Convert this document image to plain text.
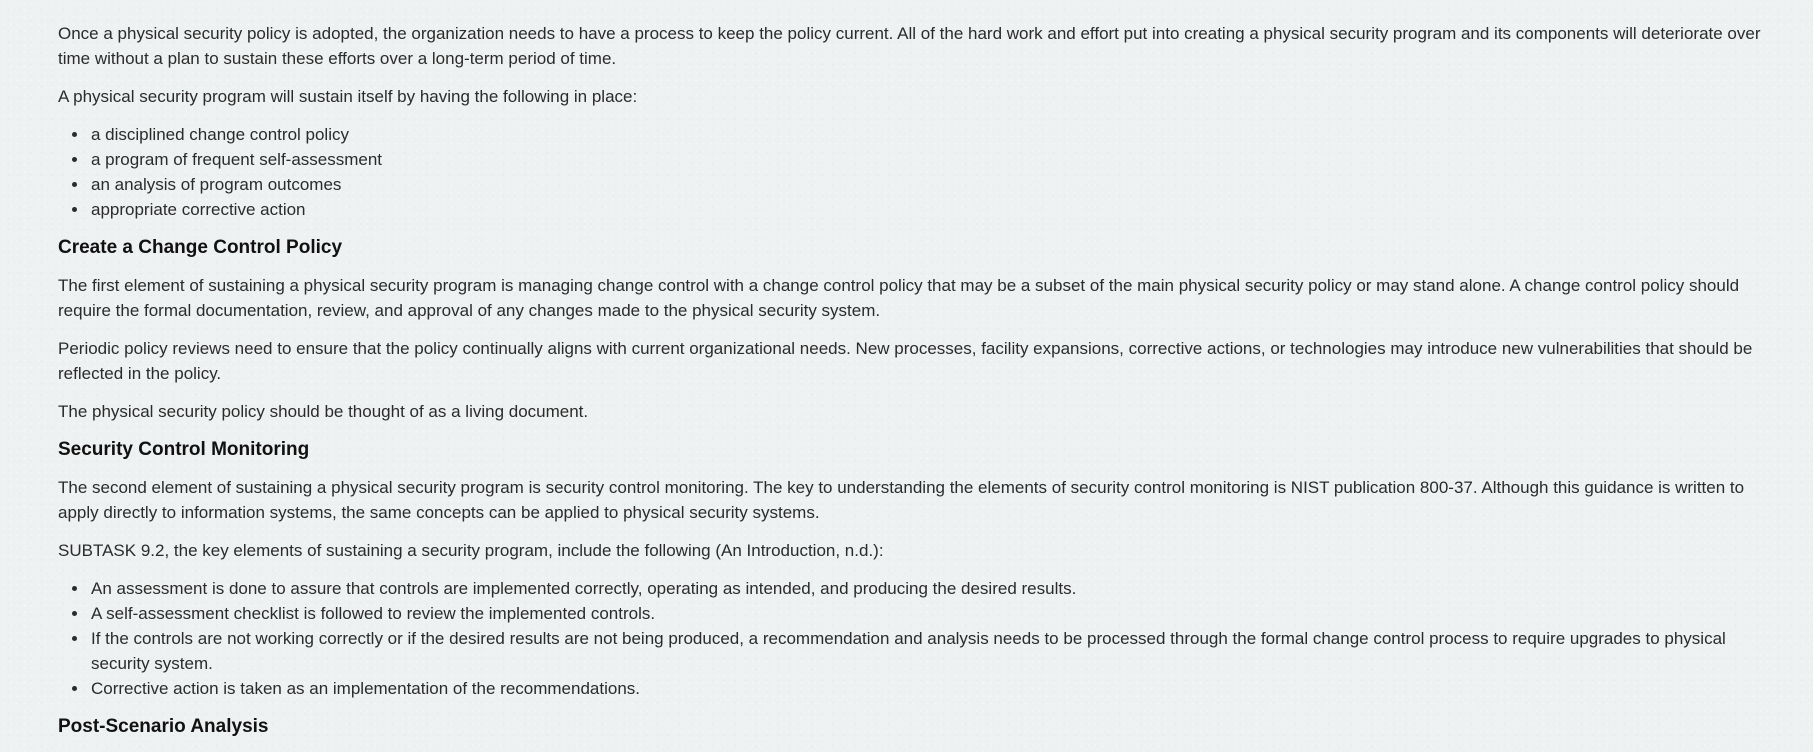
Once a physical security policy is adopted, the organization needs to have a process to keep the policy current. All of the hard work and effort put into creating a physical security program and its components will deteriorate over time without a plan to sustain these efforts over a long-term period of time.

A physical security program will sustain itself by having the following in place:

• a disciplined change control policy
• a program of frequent self-assessment
• an analysis of program outcomes
• appropriate corrective action
Create a Change Control Policy

The first element of sustaining a physical security program is managing change control with a change control policy that may be a subset of the main physical security policy or may stand alone. A change control policy should require the formal documentation, review, and approval of any changes made to the physical security system.

Periodic policy reviews need to ensure that the policy continually aligns with current organizational needs. New processes, facility expansions, corrective actions, or technologies may introduce new vulnerabilities that should be reflected in the policy.

The physical security policy should be thought of as a living document.

Security Control Monitoring

The second element of sustaining a physical security program is security control monitoring. The key to understanding the elements of security control monitoring is NIST publication 800-37. Although this guidance is written to apply directly to information systems, the same concepts can be applied to physical security systems.

SUBTASK 9.2, the key elements of sustaining a security program, include the following (An Introduction, n.d.):

• An assessment is done to assure that controls are implemented correctly, operating as intended, and producing the desired results.
• A self-assessment checklist is followed to review the implemented controls.
• If the controls are not working correctly or if the desired results are not being produced, a recommendation and analysis needs to be processed through the formal change control process to require upgrades to physical security system.
• Corrective action is taken as an implementation of the recommendations.
Post-Scenario Analysis
